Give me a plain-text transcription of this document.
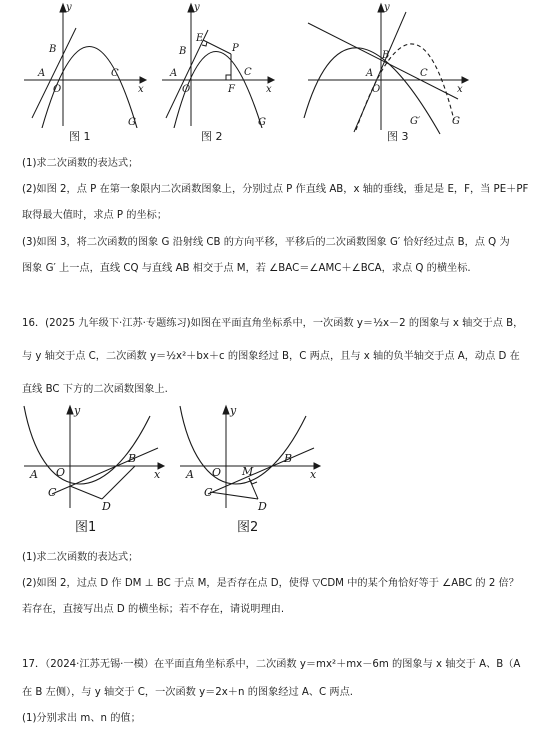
y
x
O
A
B
C
G
图 1
y
x
O
A
B
E
P
F
C
G
图 2
y
x
O
A
B
C
G′	G
图 3
(1)求二次函数的表达式；
(2)如图 2，点 P 在第一象限内二次函数图象上，分别过点 P 作直线 AB，x 轴的垂线，垂足是 E，F，当 PE＋PF
取得最大值时，求点 P 的坐标；
(3)如图 3，将二次函数的图象 G 沿射线 CB 的方向平移，平移后的二次函数图象 G′ 恰好经过点 B，点 Q 为
图象 G′ 上一点，直线 CQ 与直线 AB 相交于点 M，若 ∠BAC＝∠AMC＋∠BCA，求点 Q 的横坐标.
16．(2025 九年级下·江苏·专题练习)如图在平面直角坐标系中，一次函数 y＝½x－2 的图象与 x 轴交于点 B，
与 y 轴交于点 C，二次函数 y＝½x²＋bx＋c 的图象经过 B，C 两点，且与 x 轴的负半轴交于点 A，动点 D 在
直线 BC 下方的二次函数图象上.
y
x
O
A
B
C
D
图1
y
x
O
A
B
M
C
D
图2
(1)求二次函数的表达式；
(2)如图 2，过点 D 作 DM ⊥ BC 于点 M，是否存在点 D，使得 ▽CDM 中的某个角恰好等于 ∠ABC 的 2 倍？
若存在，直接写出点 D 的横坐标；若不存在，请说明理由.
17．（2024·江苏无锡·一模）在平面直角坐标系中，二次函数 y＝mx²＋mx－6m 的图象与 x 轴交于 A、B（A
在 B 左侧），与 y 轴交于 C，一次函数 y＝2x＋n 的图象经过 A、C 两点.
(1)分别求出 m、n 的值；
